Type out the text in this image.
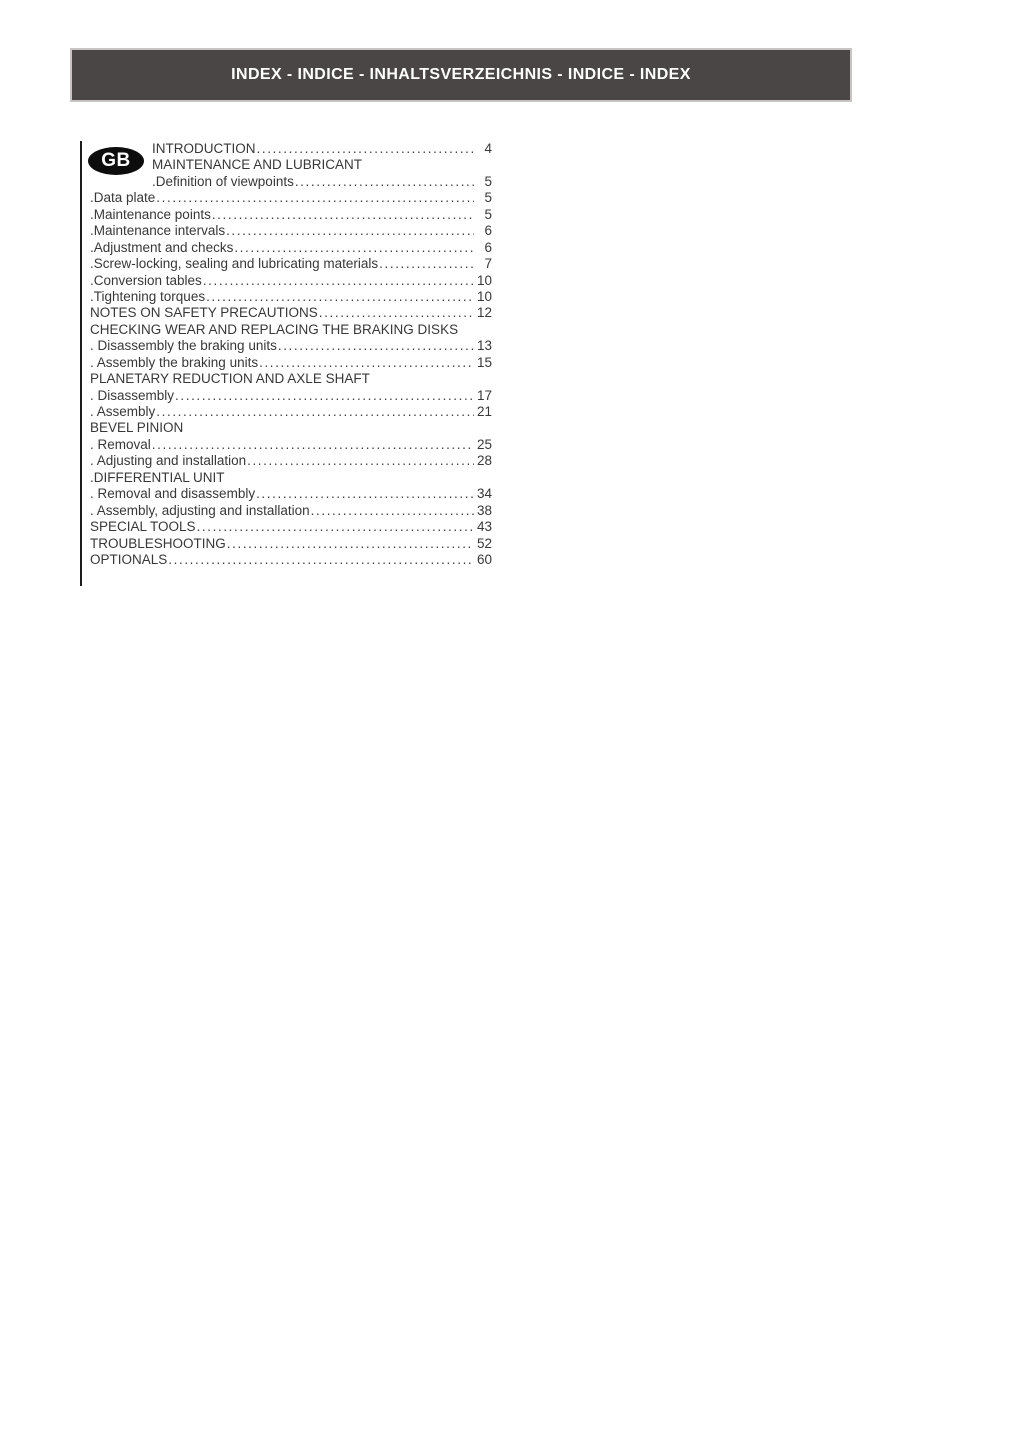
INDEX - INDICE - INHALTSVERZEICHNIS - INDICE - INDEX
GB
INTRODUCTION .....	4
MAINTENANCE AND LUBRICANT
.Definition of viewpoints .....	5
.Data plate .....	5
.Maintenance points .....	5
.Maintenance intervals .....	6
.Adjustment and checks .....	6
.Screw-locking, sealing and lubricating materials .....	7
.Conversion tables .....	10
.Tightening torques .....	10
NOTES ON SAFETY PRECAUTIONS .....	12
CHECKING WEAR AND REPLACING THE BRAKING DISKS
. Disassembly the braking units .....	13
. Assembly the braking units .....	15
PLANETARY REDUCTION AND AXLE SHAFT
. Disassembly .....	17
. Assembly .....	21
BEVEL PINION
. Removal .....	25
. Adjusting and installation .....	28
.DIFFERENTIAL UNIT
. Removal and disassembly .....	34
. Assembly, adjusting and installation .....	38
SPECIAL TOOLS .....	43
TROUBLESHOOTING .....	52
OPTIONALS .....	60
